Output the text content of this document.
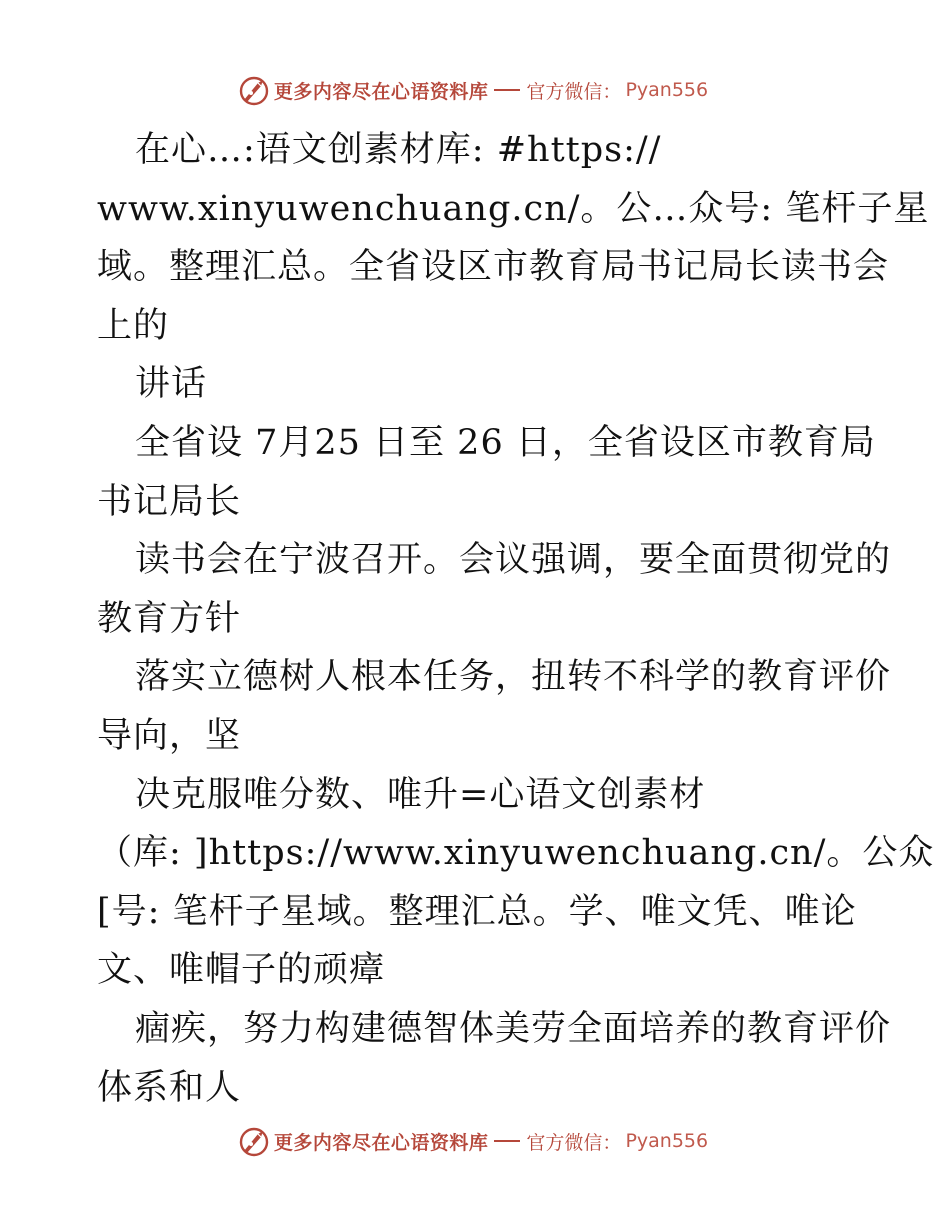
更多内容尽在心语资料库 官方微信： Pyan556
在心…:语文创素材库: #https://
www.xinyuwenchuang.cn/。公…众号: 笔杆子星
域。整理汇总。全省设区市教育局书记局长读书会
上的
讲话
全省设 7月25 日至 26 日，全省设区市教育局
书记局长
读书会在宁波召开。会议强调，要全面贯彻党的
教育方针
落实立德树人根本任务，扭转不科学的教育评价
导向，坚
决克服唯分数、唯升=心语文创素材
（库: ]https://www.xinyuwenchuang.cn/。公众
[号: 笔杆子星域。整理汇总。学、唯文凭、唯论
文、唯帽子的顽瘴
痼疾，努力构建德智体美劳全面培养的教育评价
体系和人
更多内容尽在心语资料库 官方微信： Pyan556
